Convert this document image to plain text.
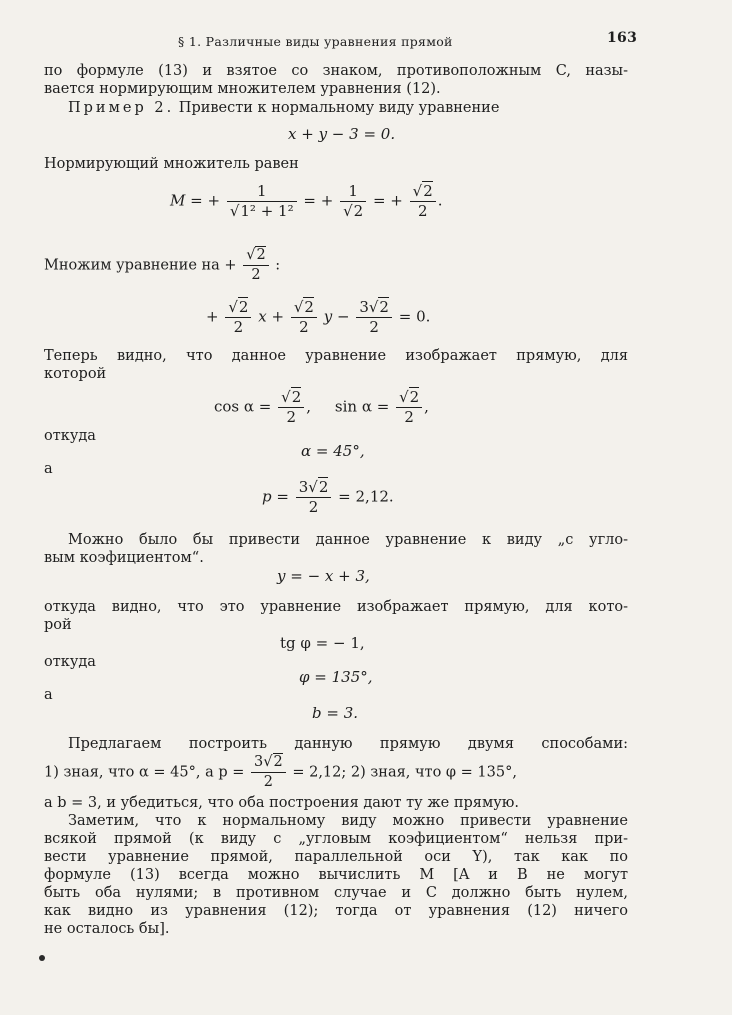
§ 1. Различные виды уравнения прямой	163
по формуле (13) и взятое со знаком, противоположным C, назы-
вается нормирующим множителем уравнения (12).
Пример 2. Привести к нормальному виду уравнение
x + y − 3 = 0.
Нормирующий множитель равен
M = + $\frac{1}{\text{√1² + 1²}}$ = + $\frac{1}{√2}$ = + $\frac{√2}{2}$ .
Множим уравнение на + $\frac{√2}{2}$ :
+ $\frac{√2}{2}$ $x + \frac{√2}{2}$ $y - \frac{3√2}{2} = 0$.
Теперь видно, что данное уравнение изображает прямую, для
которой
$\cos \alpha = \frac{√2}{2}$ , $\sin \alpha = \frac{√2}{2}$ ,
откуда
α = 45°,
а
$p = \frac{3√2}{2} = 2,12$.
Можно было бы привести данное уравнение к виду „с угло-
вым коэфициентом“.
y = − x + 3,
откуда видно, что это уравнение изображает прямую, для кото-
рой
tg φ = − 1,
откуда
φ = 135°,
а
b = 3.
Предлагаем построить данную прямую двумя способами:
1) зная, что α = 45°, а $p = \frac{3√2}{2} = 2,12$; 2) зная, что φ = 135°,
а b = 3, и убедиться, что оба построения дают ту же прямую.
Заметим, что к нормальному виду можно привести уравнение
всякой прямой (к виду с „угловым коэфициентом“ нельзя при-
вести уравнение прямой, параллельной оси Y), так как по
формуле (13) всегда можно вычислить M [A и B не могут
быть оба нулями; в противном случае и C должно быть нулем,
как видно из уравнения (12); тогда от уравнения (12) ничего
не осталось бы].
